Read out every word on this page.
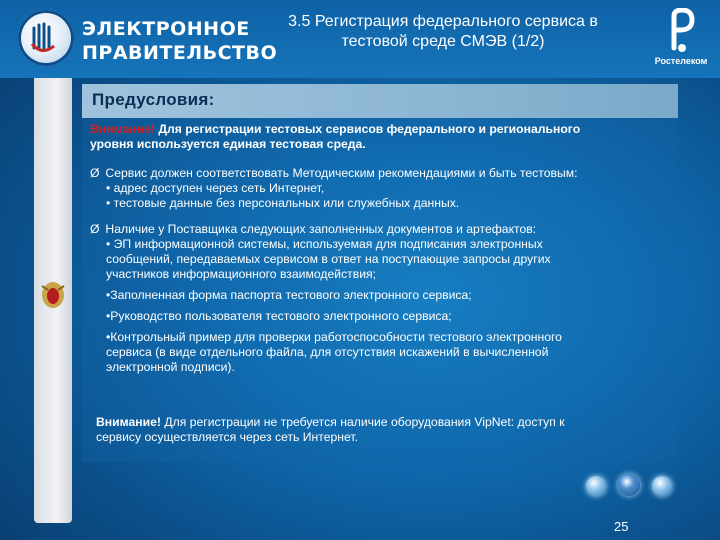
ЭЛЕКТРОННОЕ
ПРАВИТЕЛЬСТВО
3.5 Регистрация федерального сервиса в
тестовой среде СМЭВ (1/2)
Ростелеком
Предусловия:
Внимание! Для регистрации тестовых сервисов федерального и регионального
уровня используется единая тестовая среда.
Ø Сервис должен соответствовать Методическим рекомендациями и быть тестовым:
• адрес доступен через сеть Интернет,
• тестовые данные без персональных или служебных данных.
Ø Наличие у Поставщика следующих заполненных документов и артефактов:
• ЭП информационной системы, используемая для подписания электронных
сообщений, передаваемых сервисом в ответ на поступающие запросы других
участников информационного взаимодействия;
•Заполненная форма паспорта тестового электронного сервиса;
•Руководство пользователя тестового электронного сервиса;
•Контрольный пример для проверки работоспособности тестового электронного
сервиса (в виде отдельного файла, для отсутствия искажений в вычисленной
электронной подписи).
Внимание! Для регистрации не требуется наличие оборудования VipNet: доступ к
сервису осуществляется через сеть Интернет.
25
